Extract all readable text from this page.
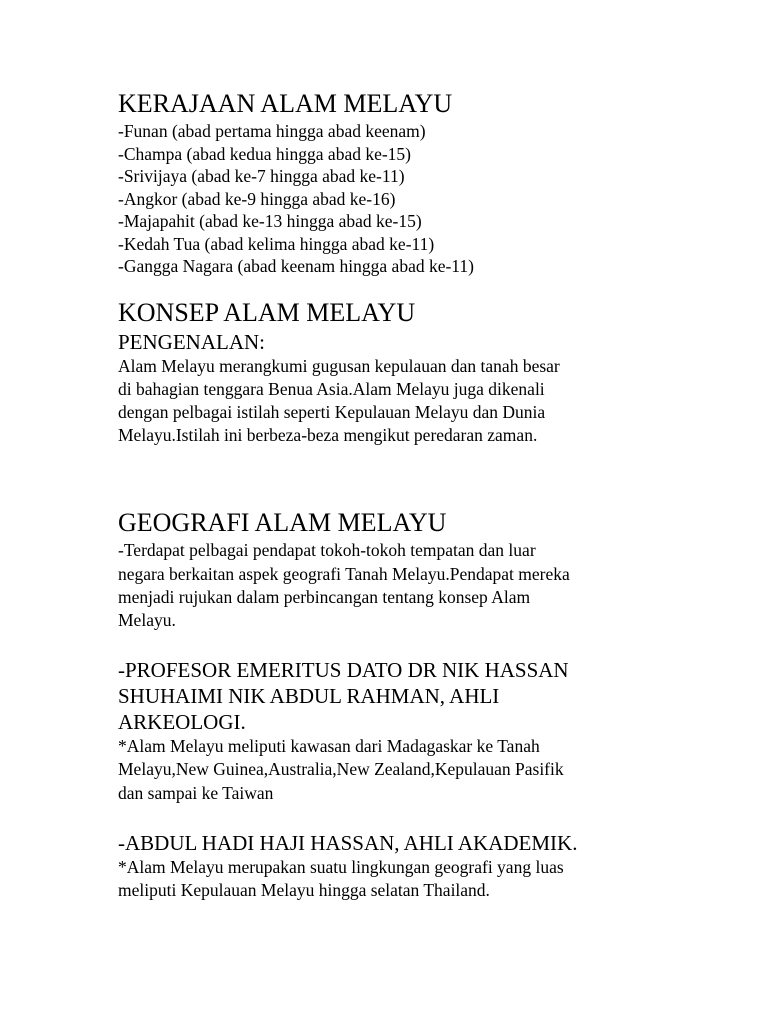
KERAJAAN ALAM MELAYU

-Funan (abad pertama hingga abad keenam)

-Champa (abad kedua hingga abad ke-15)

-Srivijaya (abad ke-7 hingga abad ke-11)

-Angkor (abad ke-9 hingga abad ke-16)

-Majapahit (abad ke-13 hingga abad ke-15)

-Kedah Tua (abad kelima hingga abad ke-11)

-Gangga Nagara (abad keenam hingga abad ke-11)

KONSEP ALAM MELAYU

PENGENALAN:

Alam Melayu merangkumi gugusan kepulauan dan tanah besar

di bahagian tenggara Benua Asia.Alam Melayu juga dikenali

dengan pelbagai istilah seperti Kepulauan Melayu dan Dunia

Melayu.Istilah ini berbeza-beza mengikut peredaran zaman.

GEOGRAFI ALAM MELAYU

-Terdapat pelbagai pendapat tokoh-tokoh tempatan dan luar

negara berkaitan aspek geografi Tanah Melayu.Pendapat mereka

menjadi rujukan dalam perbincangan tentang konsep Alam

Melayu.

-PROFESOR EMERITUS DATO DR NIK HASSAN

SHUHAIMI NIK ABDUL RAHMAN, AHLI

ARKEOLOGI.

*Alam Melayu meliputi kawasan dari Madagaskar ke Tanah

Melayu,New Guinea,Australia,New Zealand,Kepulauan Pasifik

dan sampai ke Taiwan

-ABDUL HADI HAJI HASSAN, AHLI AKADEMIK.

*Alam Melayu merupakan suatu lingkungan geografi yang luas

meliputi Kepulauan Melayu hingga selatan Thailand.
